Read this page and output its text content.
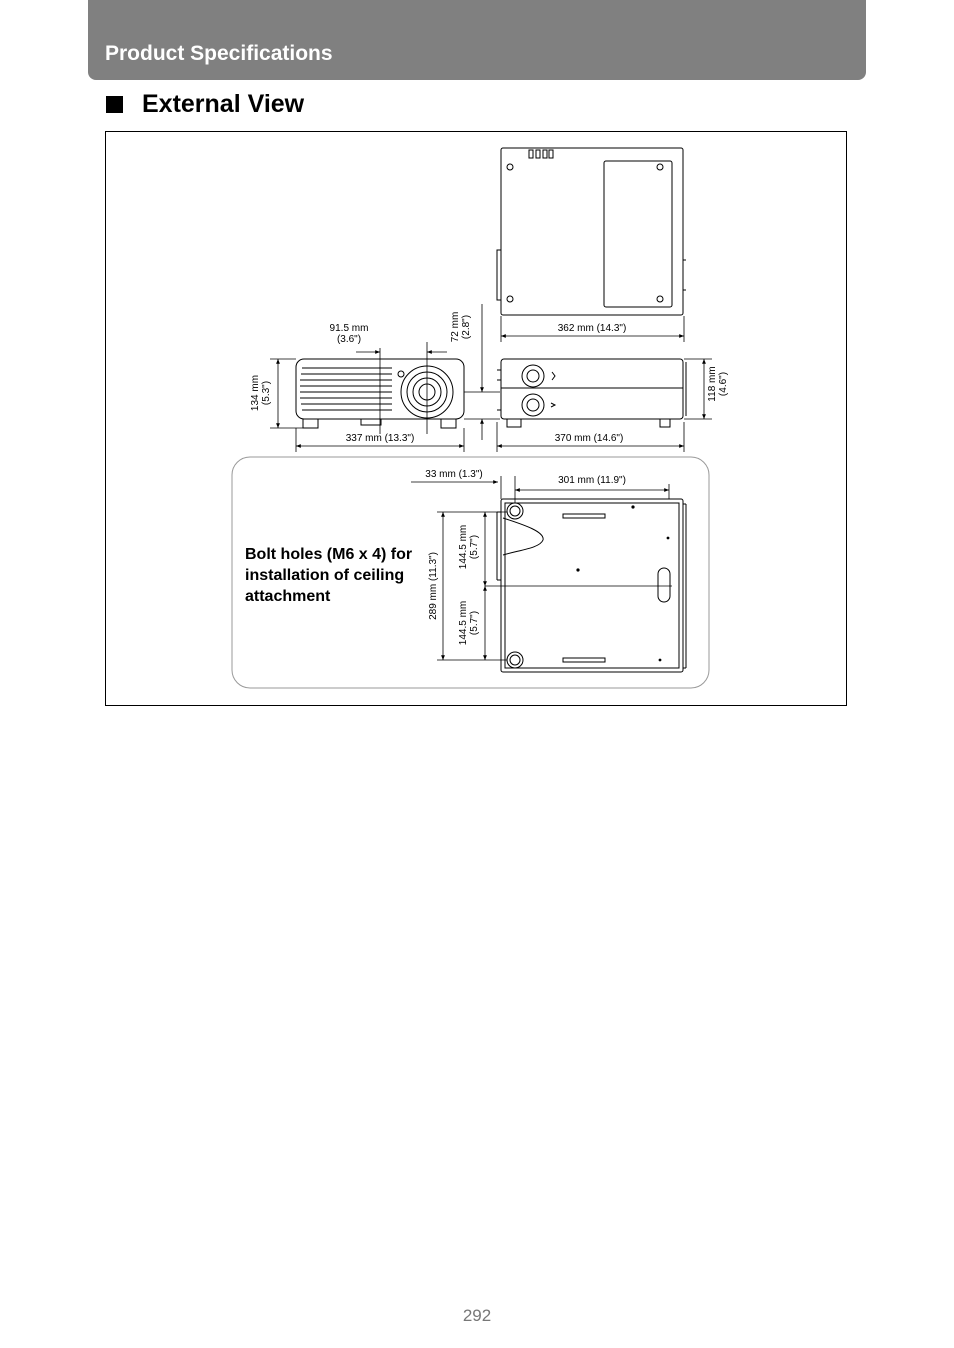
Product Specifications
External View
362 mm (14.3")
91.5 mm (3.6")
337 mm (13.3")
134 mm(5.3")
72 mm(2.8")
370 mm (14.6")
118 mm(4.6")
33 mm (1.3")
301 mm (11.9")
289 mm (11.3")
144.5 mm(5.7")
144.5 mm(5.7")
Bolt holes (M6 x 4) for installation of ceiling attachment
292
